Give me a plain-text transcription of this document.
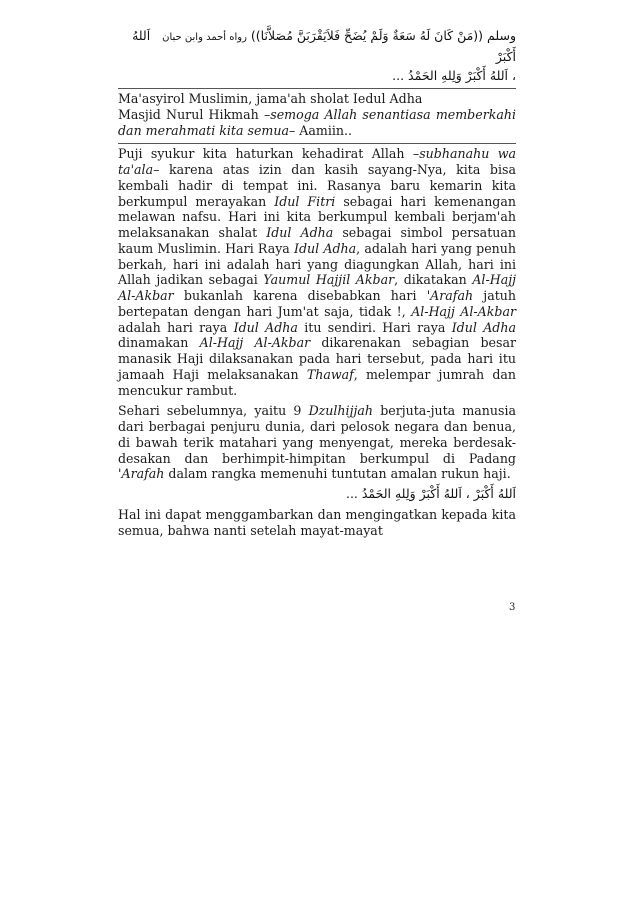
وسلم ((مَنْ كَانَ لَهُ سَعَةٌ وَلَمْ يُضَحِّ فَلاَيَقْرَبَنَّ مُصَلاَّنَا)) رواه أحمد وابن حبان   اَللهُ أَكْبَرْ
، اَللهُ أَكْبَرْ وَلِلهِ الحَمْدُ ...

Ma'asyirol Muslimin, jama'ah sholat Iedul Adha
Masjid Nurul Hikmah –semoga Allah senantiasa memberkahi dan merahmati kita semua– Aamiin..

Puji syukur kita haturkan kehadirat Allah –subhanahu wa ta'ala– karena atas izin dan kasih sayang-Nya, kita bisa kembali hadir di tempat ini. Rasanya baru kemarin kita berkumpul merayakan Idul Fitri sebagai hari kemenangan melawan nafsu. Hari ini kita berkumpul kembali berjam'ah melaksanakan shalat Idul Adha sebagai simbol persatuan kaum Muslimin. Hari Raya Idul Adha, adalah hari yang penuh berkah, hari ini adalah hari yang diagungkan Allah, hari ini Allah jadikan sebagai Yaumul Hajjil Akbar, dikatakan Al-Hajj Al-Akbar bukanlah karena disebabkan hari 'Arafah jatuh bertepatan dengan hari Jum'at saja, tidak !, Al-Hajj Al-Akbar adalah hari raya Idul Adha itu sendiri. Hari raya Idul Adha dinamakan Al-Hajj Al-Akbar dikarenakan sebagian besar manasik Haji dilaksanakan pada hari tersebut, pada hari itu jamaah Haji melaksanakan Thawaf, melempar jumrah dan mencukur rambut.

Sehari sebelumnya, yaitu 9 Dzulhijjah berjuta-juta manusia dari berbagai penjuru dunia, dari pelosok negara dan benua, di bawah terik matahari yang menyengat, mereka berdesak-desakan dan berhimpit-himpitan berkumpul di Padang 'Arafah dalam rangka memenuhi tuntutan amalan rukun haji.

اَللهُ أَكْبَرْ ، اَللهُ أَكْبَرْ وَلِلهِ الحَمْدُ ...

Hal ini dapat menggambarkan dan mengingatkan kepada kita semua, bahwa nanti setelah mayat-mayat

3
